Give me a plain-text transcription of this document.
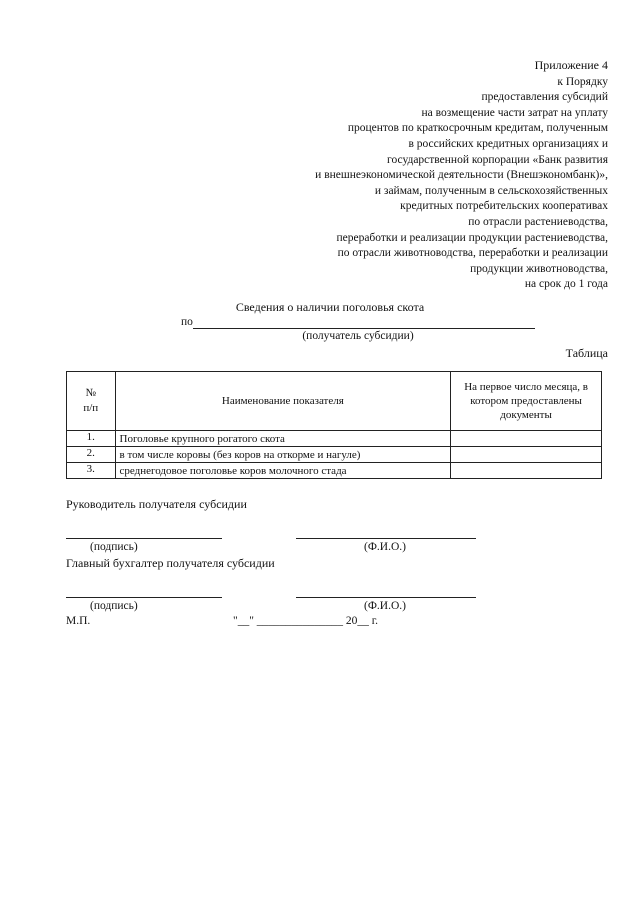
Приложение 4
к Порядку
предоставления субсидий
на возмещение части затрат на уплату
процентов по краткосрочным кредитам, полученным
в российских кредитных организациях и
государственной корпорации «Банк развития
и внешнеэкономической деятельности (Внешэкономбанк)»,
и займам, полученным в сельскохозяйственных
кредитных потребительских кооперативах
по отрасли растениеводства,
переработки и реализации продукции растениеводства,
по отрасли животноводства, переработки и реализации
продукции животноводства,
на срок до 1 года
Сведения о наличии поголовья скота
по
(получатель субсидии)
Таблица
№
п/п	Наименование показателя	На первое число месяца, в котором предоставлены документы
1.	Поголовье крупного рогатого скота	
2.	в том числе коровы (без коров на откорме и нагуле)	
3.	среднегодовое поголовье коров молочного стада	
Руководитель получателя субсидии
(подпись)	(Ф.И.О.)
Главный бухгалтер получателя субсидии
(подпись)	(Ф.И.О.)
М.П.	"__" _______________ 20__ г.
